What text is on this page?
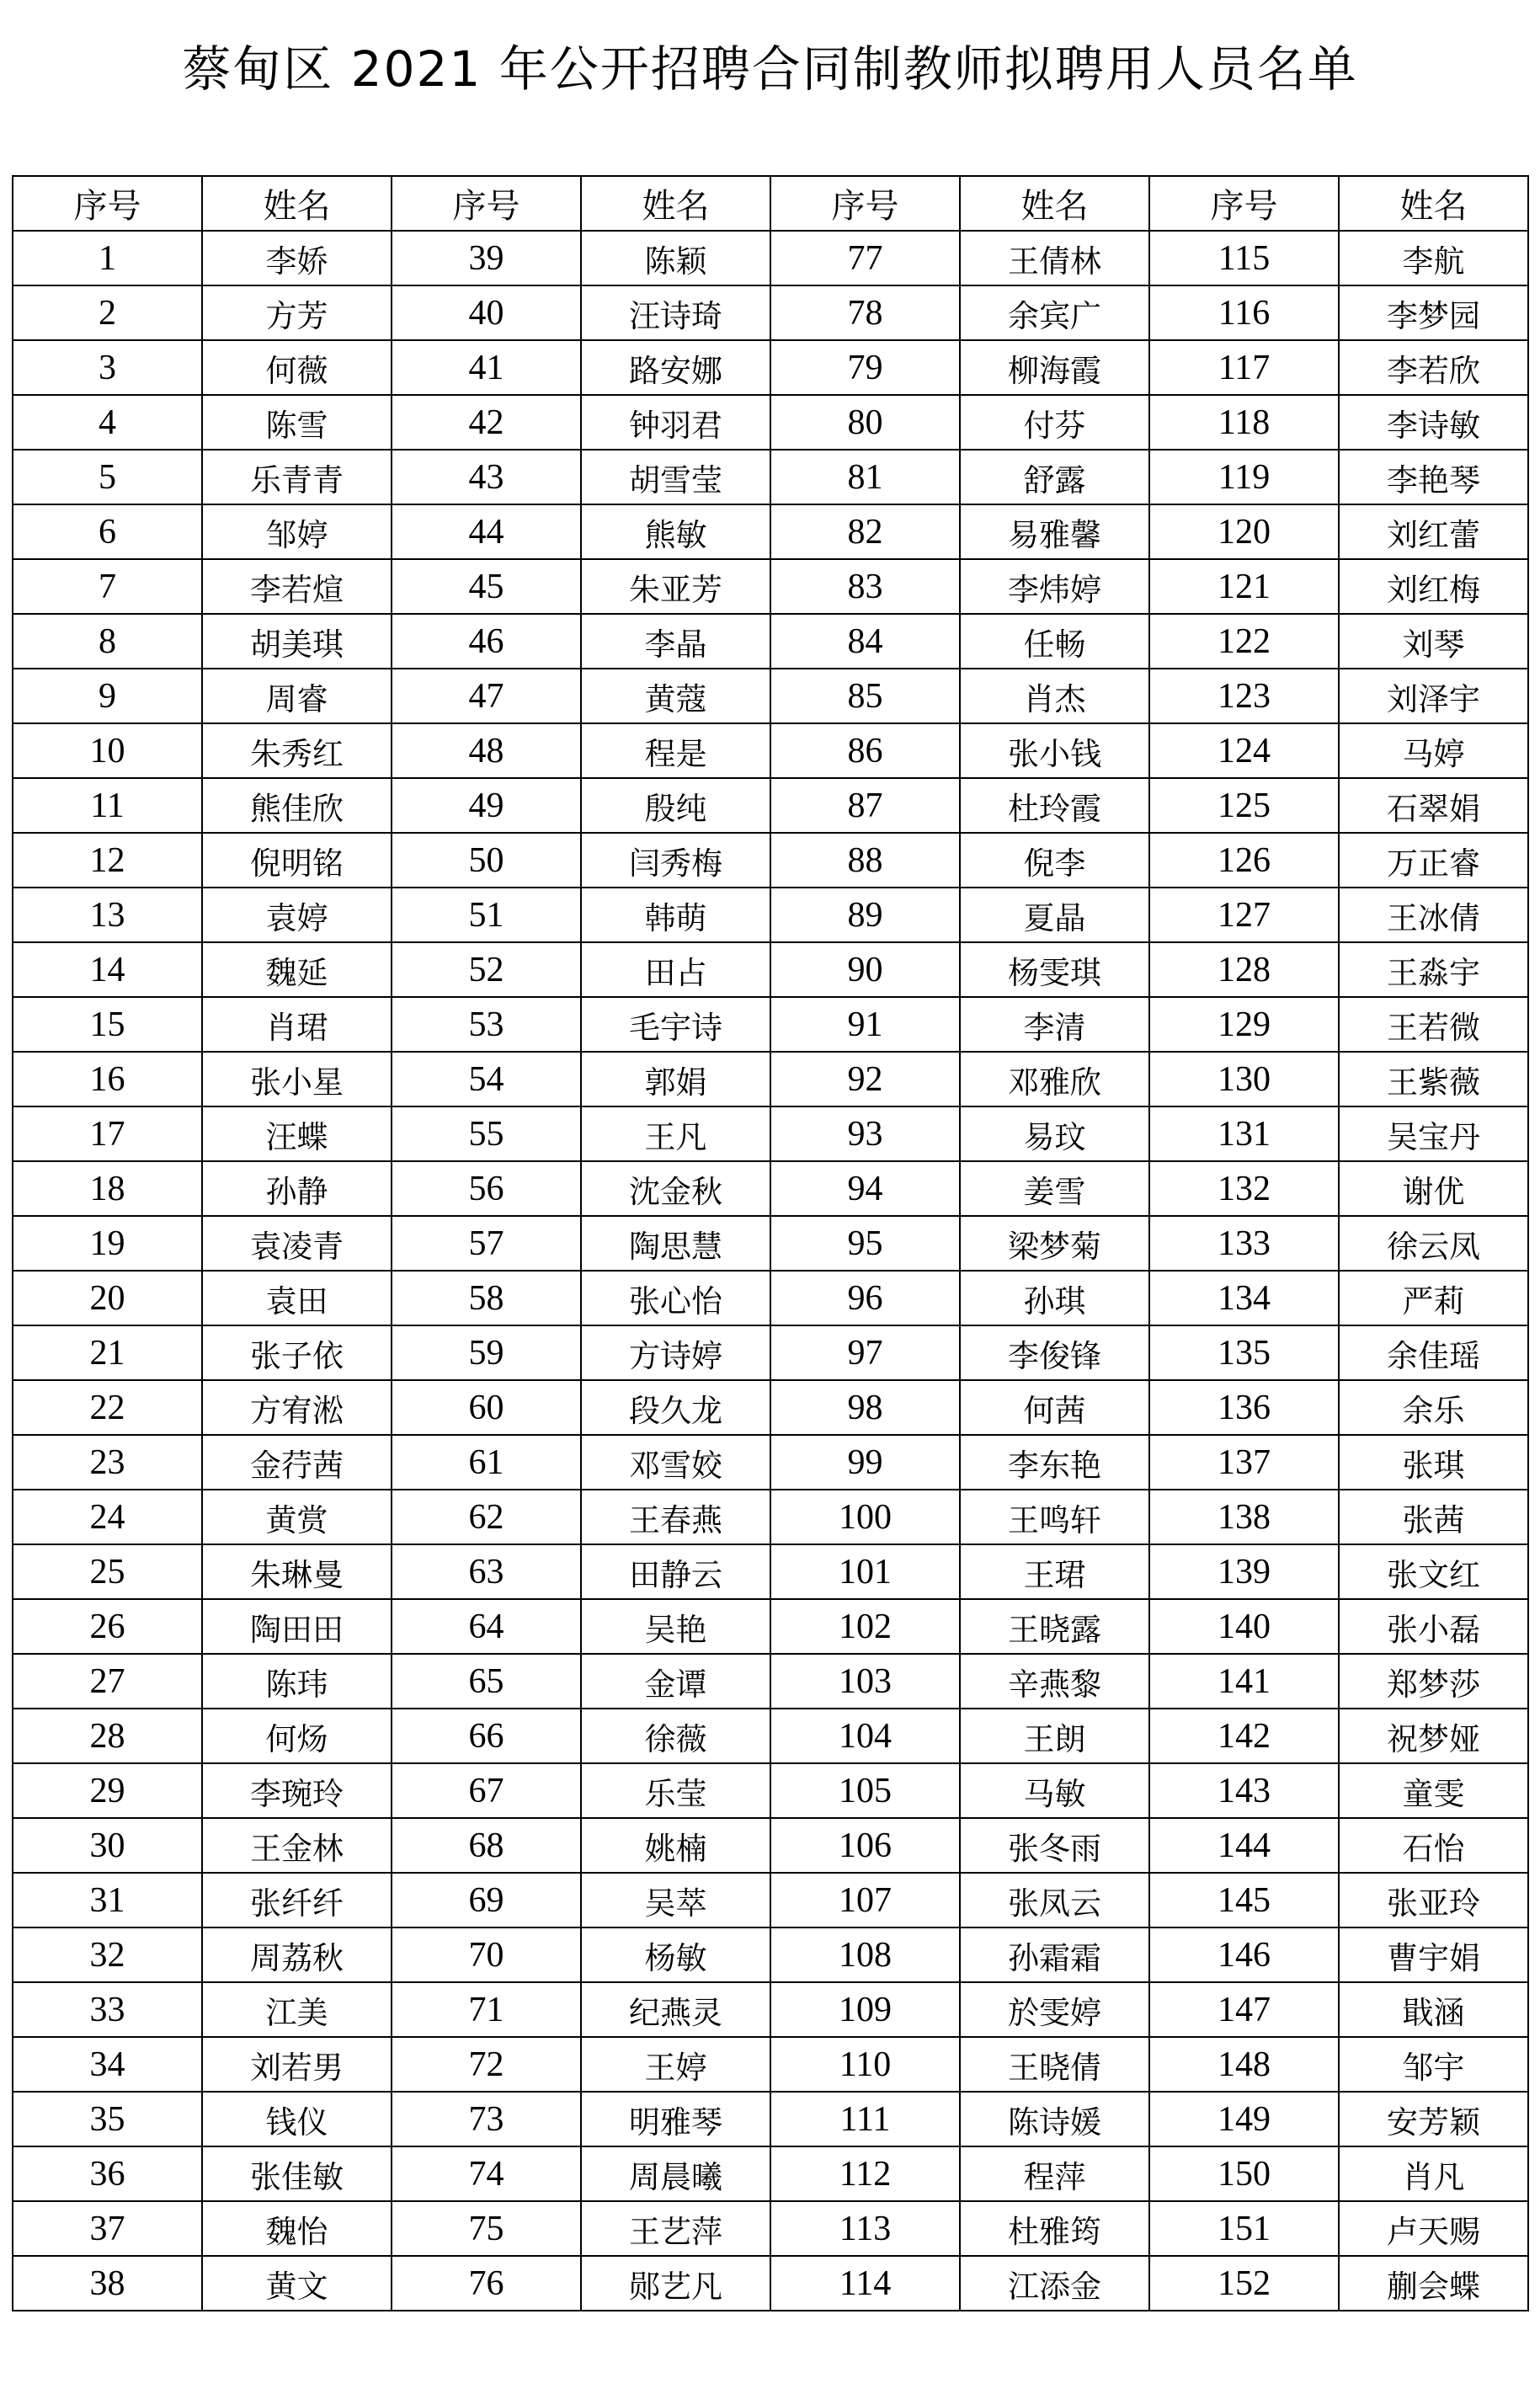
蔡甸区 2021 年公开招聘合同制教师拟聘用人员名单
序号	姓名	序号	姓名	序号	姓名	序号	姓名
1	李娇	39	陈颖	77	王倩林	115	李航
2	方芳	40	汪诗琦	78	余宾广	116	李梦园
3	何薇	41	路安娜	79	柳海霞	117	李若欣
4	陈雪	42	钟羽君	80	付芬	118	李诗敏
5	乐青青	43	胡雪莹	81	舒露	119	李艳琴
6	邹婷	44	熊敏	82	易雅馨	120	刘红蕾
7	李若煊	45	朱亚芳	83	李炜婷	121	刘红梅
8	胡美琪	46	李晶	84	任畅	122	刘琴
9	周睿	47	黄蔻	85	肖杰	123	刘泽宇
10	朱秀红	48	程是	86	张小钱	124	马婷
11	熊佳欣	49	殷纯	87	杜玲霞	125	石翠娟
12	倪明铭	50	闫秀梅	88	倪李	126	万正睿
13	袁婷	51	韩萌	89	夏晶	127	王冰倩
14	魏延	52	田占	90	杨雯琪	128	王淼宇
15	肖珺	53	毛宇诗	91	李清	129	王若微
16	张小星	54	郭娟	92	邓雅欣	130	王紫薇
17	汪蝶	55	王凡	93	易玟	131	吴宝丹
18	孙静	56	沈金秋	94	姜雪	132	谢优
19	袁凌青	57	陶思慧	95	梁梦菊	133	徐云凤
20	袁田	58	张心怡	96	孙琪	134	严莉
21	张子依	59	方诗婷	97	李俊锋	135	余佳瑶
22	方宥淞	60	段久龙	98	何茜	136	余乐
23	金荇茜	61	邓雪姣	99	李东艳	137	张琪
24	黄赏	62	王春燕	100	王鸣轩	138	张茜
25	朱琳曼	63	田静云	101	王珺	139	张文红
26	陶田田	64	吴艳	102	王晓露	140	张小磊
27	陈玮	65	金谭	103	辛燕黎	141	郑梦莎
28	何炀	66	徐薇	104	王朗	142	祝梦娅
29	李琬玲	67	乐莹	105	马敏	143	童雯
30	王金林	68	姚楠	106	张冬雨	144	石怡
31	张纤纤	69	吴萃	107	张凤云	145	张亚玲
32	周荔秋	70	杨敏	108	孙霜霜	146	曹宇娟
33	江美	71	纪燕灵	109	於雯婷	147	戢涵
34	刘若男	72	王婷	110	王晓倩	148	邹宇
35	钱仪	73	明雅琴	111	陈诗媛	149	安芳颖
36	张佳敏	74	周晨曦	112	程萍	150	肖凡
37	魏怡	75	王艺萍	113	杜雅筠	151	卢天赐
38	黄文	76	郧艺凡	114	江添金	152	蒯会蝶
